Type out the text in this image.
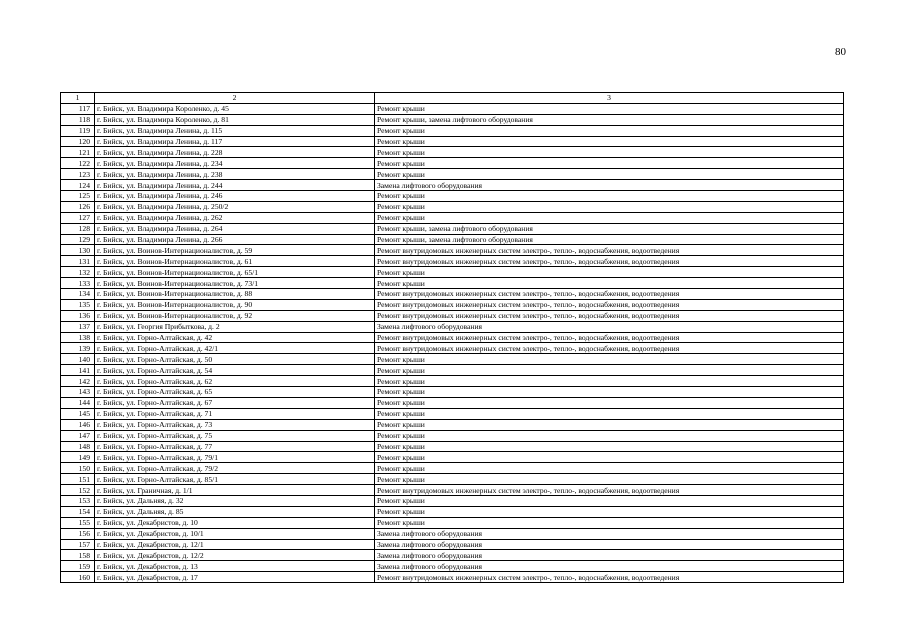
80
1	2	3
117	г. Бийск, ул. Владимира Короленко, д. 45	Ремонт крыши
118	г. Бийск, ул. Владимира Короленко, д. 81	Ремонт крыши, замена лифтового оборудования
119	г. Бийск, ул. Владимира Ленина, д. 115	Ремонт крыши
120	г. Бийск, ул. Владимира Ленина, д. 117	Ремонт крыши
121	г. Бийск, ул. Владимира Ленина, д. 228	Ремонт крыши
122	г. Бийск, ул. Владимира Ленина, д. 234	Ремонт крыши
123	г. Бийск, ул. Владимира Ленина, д. 238	Ремонт крыши
124	г. Бийск, ул. Владимира Ленина, д. 244	Замена лифтового оборудования
125	г. Бийск, ул. Владимира Ленина, д. 246	Ремонт крыши
126	г. Бийск, ул. Владимира Ленина, д. 250/2	Ремонт крыши
127	г. Бийск, ул. Владимира Ленина, д. 262	Ремонт крыши
128	г. Бийск, ул. Владимира Ленина, д. 264	Ремонт крыши, замена лифтового оборудования
129	г. Бийск, ул. Владимира Ленина, д. 266	Ремонт крыши, замена лифтового оборудования
130	г. Бийск, ул. Воинов-Интернационалистов, д. 59	Ремонт внутридомовых инженерных систем электро-, тепло-, водоснабжения, водоотведения
131	г. Бийск, ул. Воинов-Интернационалистов, д. 61	Ремонт внутридомовых инженерных систем электро-, тепло-, водоснабжения, водоотведения
132	г. Бийск, ул. Воинов-Интернационалистов, д. 65/1	Ремонт крыши
133	г. Бийск, ул. Воинов-Интернационалистов, д. 73/1	Ремонт крыши
134	г. Бийск, ул. Воинов-Интернационалистов, д. 88	Ремонт внутридомовых инженерных систем электро-, тепло-, водоснабжения, водоотведения
135	г. Бийск, ул. Воинов-Интернационалистов, д. 90	Ремонт внутридомовых инженерных систем электро-, тепло-, водоснабжения, водоотведения
136	г. Бийск, ул. Воинов-Интернационалистов, д. 92	Ремонт внутридомовых инженерных систем электро-, тепло-, водоснабжения, водоотведения
137	г. Бийск, ул. Георгия Прибыткова, д. 2	Замена лифтового оборудования
138	г. Бийск, ул. Горно-Алтайская, д. 42	Ремонт внутридомовых инженерных систем электро-, тепло-, водоснабжения, водоотведения
139	г. Бийск, ул. Горно-Алтайская, д. 42/1	Ремонт внутридомовых инженерных систем электро-, тепло-, водоснабжения, водоотведения
140	г. Бийск, ул. Горно-Алтайская, д. 50	Ремонт крыши
141	г. Бийск, ул. Горно-Алтайская, д. 54	Ремонт крыши
142	г. Бийск, ул. Горно-Алтайская, д. 62	Ремонт крыши
143	г. Бийск, ул. Горно-Алтайская, д. 65	Ремонт крыши
144	г. Бийск, ул. Горно-Алтайская, д. 67	Ремонт крыши
145	г. Бийск, ул. Горно-Алтайская, д. 71	Ремонт крыши
146	г. Бийск, ул. Горно-Алтайская, д. 73	Ремонт крыши
147	г. Бийск, ул. Горно-Алтайская, д. 75	Ремонт крыши
148	г. Бийск, ул. Горно-Алтайская, д. 77	Ремонт крыши
149	г. Бийск, ул. Горно-Алтайская, д. 79/1	Ремонт крыши
150	г. Бийск, ул. Горно-Алтайская, д. 79/2	Ремонт крыши
151	г. Бийск, ул. Горно-Алтайская, д. 85/1	Ремонт крыши
152	г. Бийск, ул. Граничная, д. 1/1	Ремонт внутридомовых инженерных систем электро-, тепло-, водоснабжения, водоотведения
153	г. Бийск, ул. Дальняя, д. 32	Ремонт крыши
154	г. Бийск, ул. Дальняя, д. 85	Ремонт крыши
155	г. Бийск, ул. Декабристов, д. 10	Ремонт крыши
156	г. Бийск, ул. Декабристов, д. 10/1	Замена лифтового оборудования
157	г. Бийск, ул. Декабристов, д. 12/1	Замена лифтового оборудования
158	г. Бийск, ул. Декабристов, д. 12/2	Замена лифтового оборудования
159	г. Бийск, ул. Декабристов, д. 13	Замена лифтового оборудования
160	г. Бийск, ул. Декабристов, д. 17	Ремонт внутридомовых инженерных систем электро-, тепло-, водоснабжения, водоотведения
